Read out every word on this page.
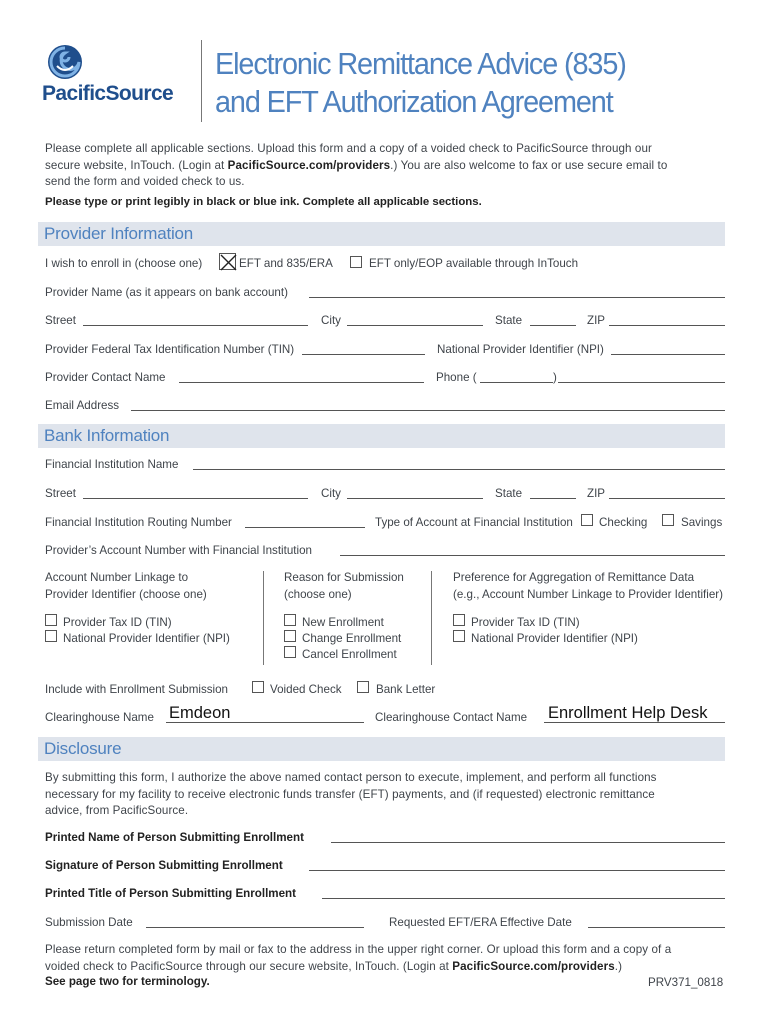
PacificSource
Electronic Remittance Advice (835)
and EFT Authorization Agreement
Please complete all applicable sections. Upload this form and a copy of a voided check to PacificSource through our
secure website, InTouch. (Login at PacificSource.com/providers.) You are also welcome to fax or use secure email to
send the form and voided check to us.
Please type or print legibly in black or blue ink. Complete all applicable sections.
Provider Information
I wish to enroll in (choose one)	EFT and 835/ERA	EFT only/EOP available through InTouch
Provider Name (as it appears on bank account)
Street	City	State	ZIP
Provider Federal Tax Identification Number (TIN)	National Provider Identifier (NPI)
Provider Contact Name	Phone (	)
Email Address
Bank Information
Financial Institution Name
Street	City	State	ZIP
Financial Institution Routing Number	Type of Account at Financial Institution Checking	Savings
Provider’s Account Number with Financial Institution
Account Number Linkage to
Provider Identifier (choose one)
Provider Tax ID (TIN)
National Provider Identifier (NPI)
Reason for Submission
(choose one)
New Enrollment
Change Enrollment
Cancel Enrollment
Preference for Aggregation of Remittance Data
(e.g., Account Number Linkage to Provider Identifier)
Provider Tax ID (TIN)
National Provider Identifier (NPI)
Include with Enrollment Submission	Voided Check	Bank Letter
Clearinghouse Name Emdeon	Clearinghouse Contact Name Enrollment Help Desk
Disclosure
By submitting this form, I authorize the above named contact person to execute, implement, and perform all functions
necessary for my facility to receive electronic funds transfer (EFT) payments, and (if requested) electronic remittance
advice, from PacificSource.
Printed Name of Person Submitting Enrollment
Signature of Person Submitting Enrollment
Printed Title of Person Submitting Enrollment
Submission Date	Requested EFT/ERA Effective Date
Please return completed form by mail or fax to the address in the upper right corner. Or upload this form and a copy of a
voided check to PacificSource through our secure website, InTouch. (Login at PacificSource.com/providers.)
See page two for terminology.	PRV371_0818
